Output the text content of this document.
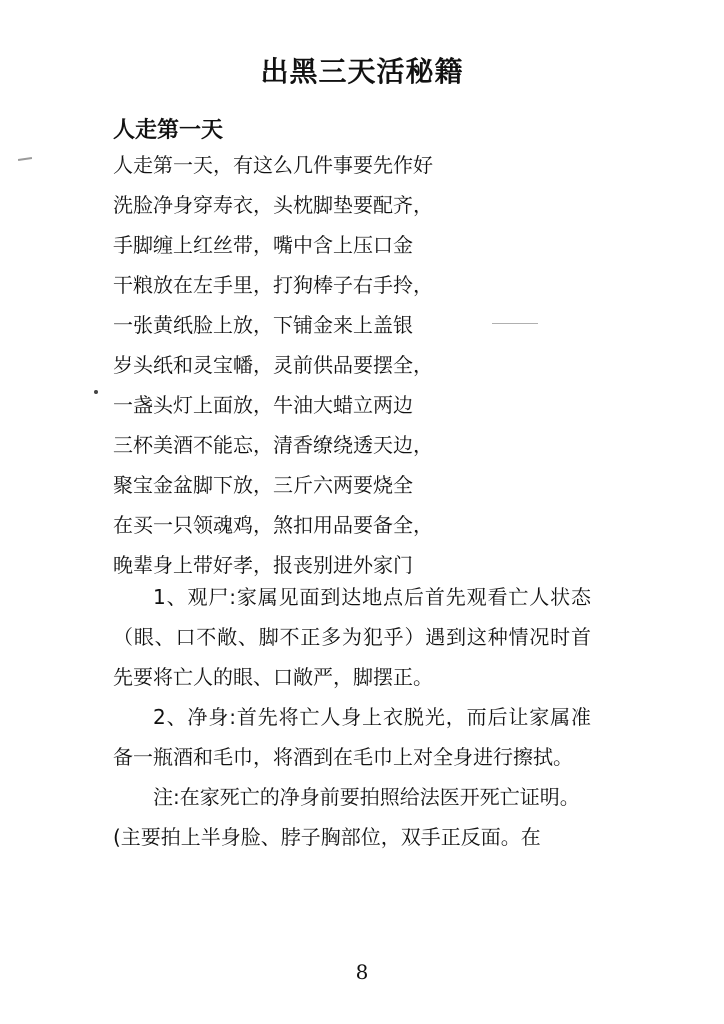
出黑三天活秘籍
人走第一天
人走第一天，有这么几件事要先作好
洗脸净身穿寿衣，头枕脚垫要配齐，
手脚缠上红丝带，嘴中含上压口金
干粮放在左手里，打狗棒子右手拎，
一张黄纸脸上放，下铺金来上盖银
岁头纸和灵宝幡，灵前供品要摆全，
一盏头灯上面放，牛油大蜡立两边
三杯美酒不能忘，清香缭绕透天边，
聚宝金盆脚下放，三斤六两要烧全
在买一只领魂鸡，煞扣用品要备全，
晚辈身上带好孝，报丧别进外家门

1、观尸:家属见面到达地点后首先观看亡人状态（眼、口不敞、脚不正多为犯乎）遇到这种情况时首先要将亡人的眼、口敞严，脚摆正。

2、净身:首先将亡人身上衣脱光，而后让家属准备一瓶酒和毛巾，将酒到在毛巾上对全身进行擦拭。

注:在家死亡的净身前要拍照给法医开死亡证明。

(主要拍上半身脸、脖子胸部位，双手正反面。在

8
